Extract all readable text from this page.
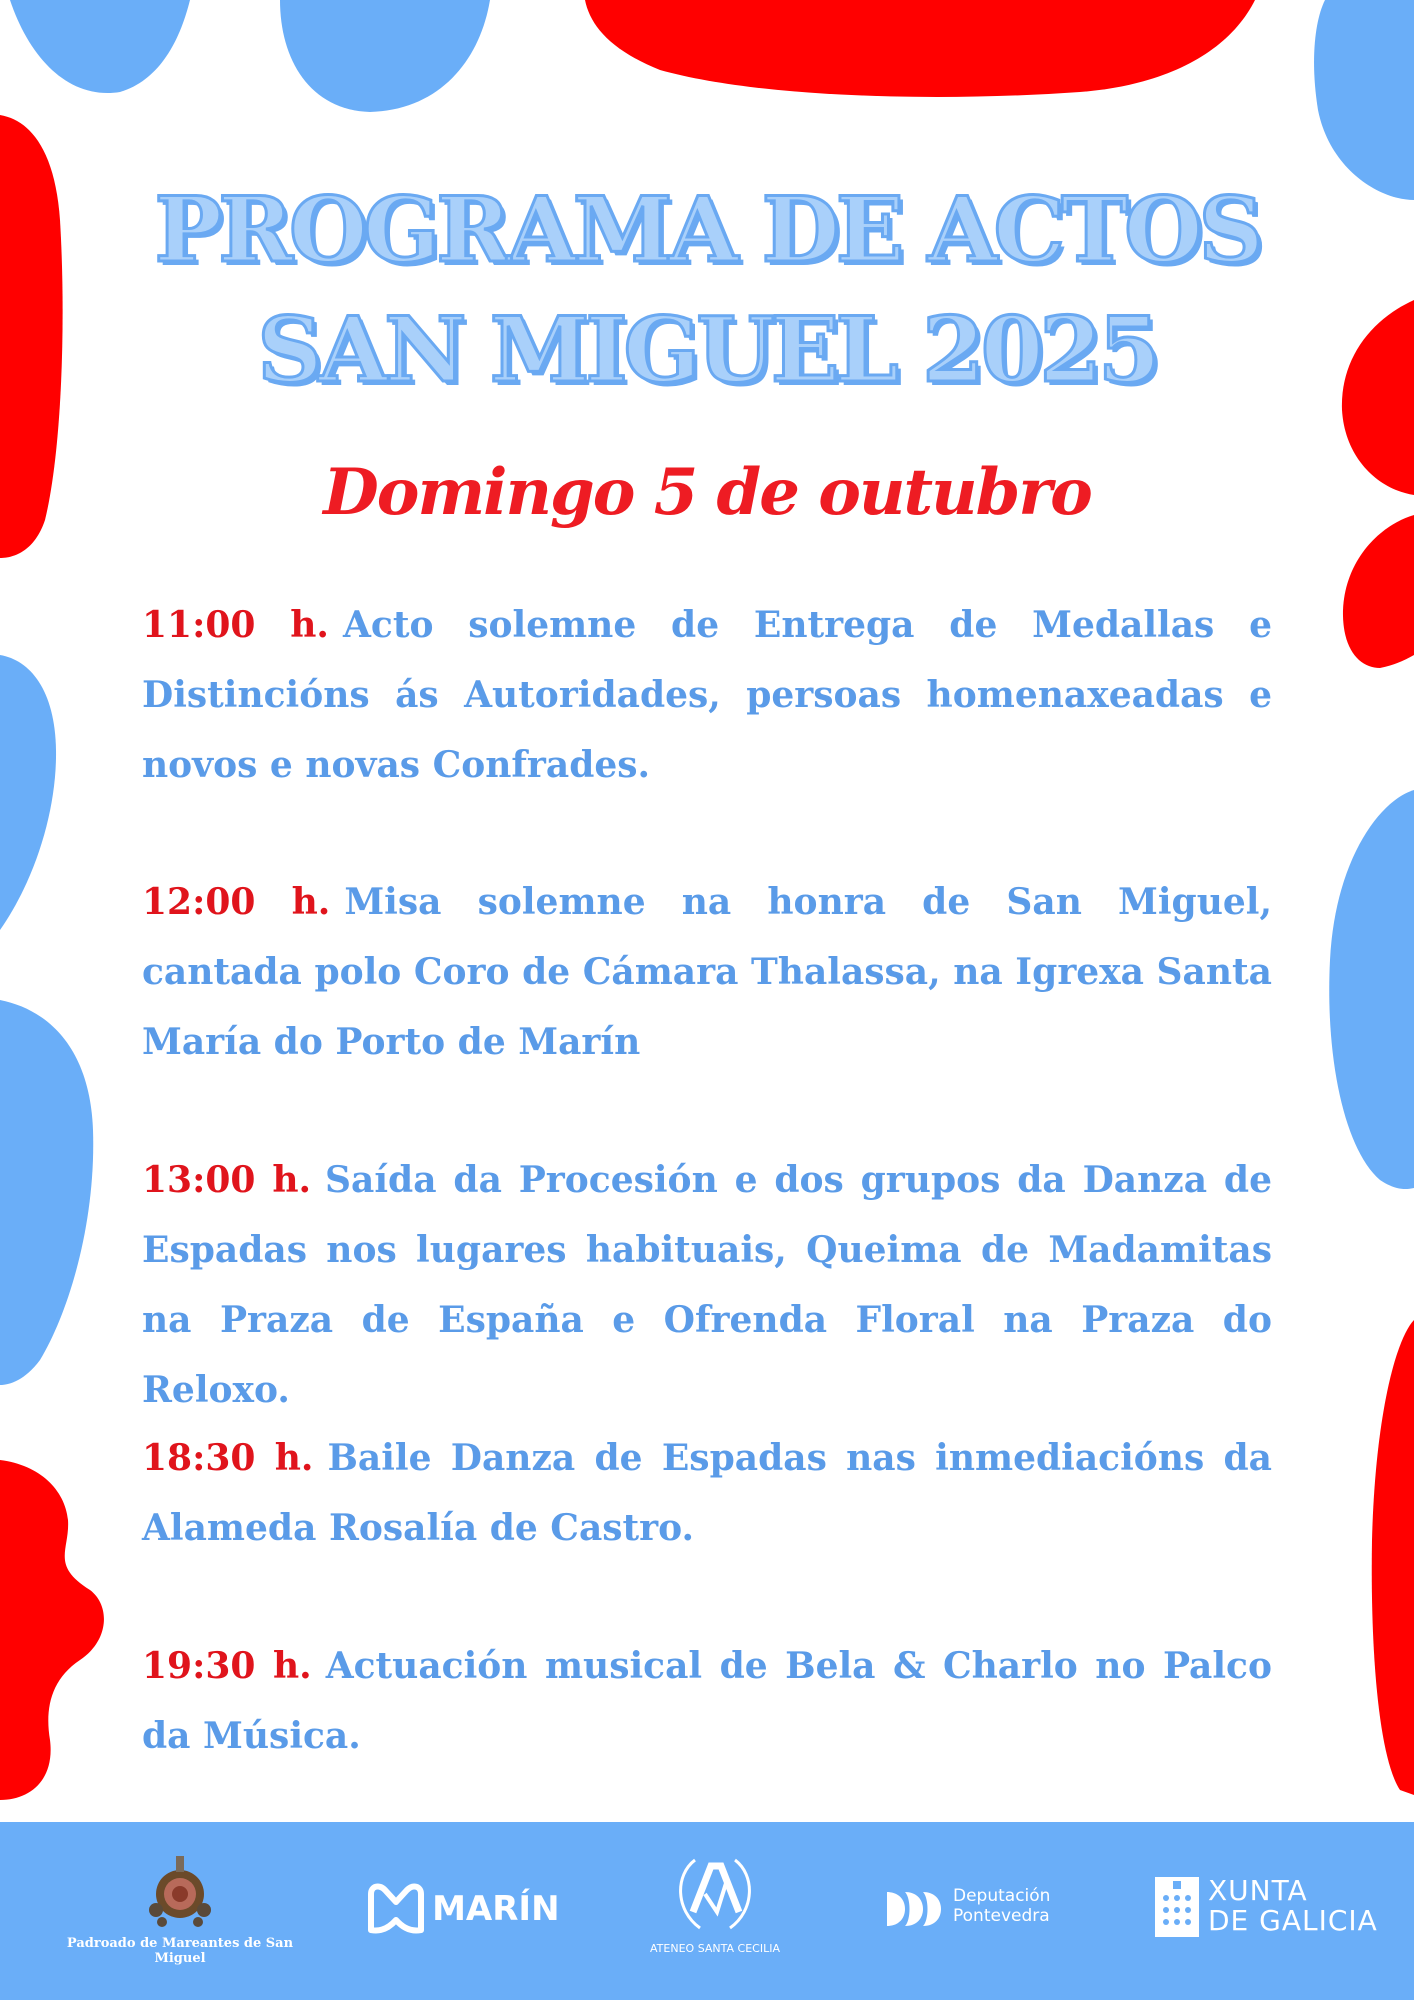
PROGRAMA DE ACTOS
SAN MIGUEL 2025
Domingo 5 de outubro
11:00 h. Acto solemne de Entrega de Medallas e Distincións ás Autoridades, persoas homenaxeadas e novos e novas Confrades.
12:00 h. Misa solemne na honra de San Miguel, cantada polo Coro de Cámara Thalassa, na Igrexa Santa María do Porto de Marín
13:00 h. Saída da Procesión e dos grupos da Danza de Espadas nos lugares habituais, Queima de Madamitas na Praza de España e Ofrenda Floral na Praza do Reloxo.
18:30 h. Baile Danza de Espadas nas inmediacións da Alameda Rosalía de Castro.
19:30 h. Actuación musical de Bela & Charlo no Palco da Música.
Padroado de Mareantes de San Miguel
MARÍN
ATENEO SANTA CECILIA
Deputación
Pontevedra
XUNTA
DE GALICIA
